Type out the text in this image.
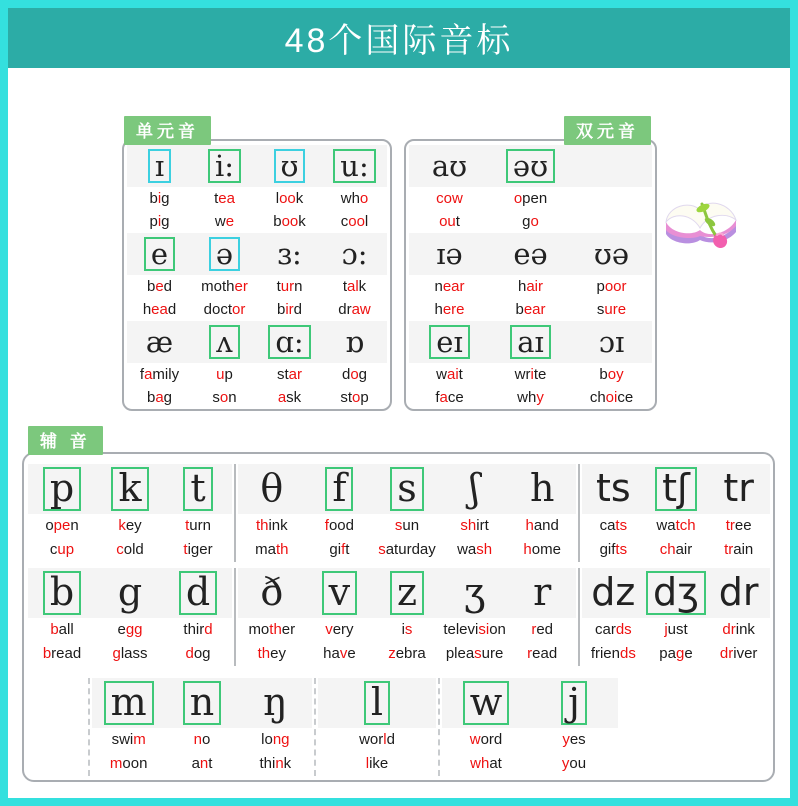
48个国际音标
单元音	双元音
辅 音
ɪ i: ʊ u:
big	tea	look who
pig	we	book cool
e ə ɜ: ɔ:
bed mother turn	talk
head doctor bird draw
æ ʌ ɑ: ɒ
family up	star	dog
bag	son	ask	stop
aʊ əʊ
cow	open
out	go
ɪə eə ʊə
near	hair	poor
here	bear	sure
eɪ aɪ ɔɪ
wait	write	boy
face	why	choice
p k t
open	key	turn
cup	cold	tiger
θ f s ʃ h
think food	sun	shirt hand
math	gift saturday wash home
ts tʃ tr
cats watch tree
gifts chair train
b g d
ball	egg	third
bread glass	dog
ð v z ʒ r
mother very	is television red
they have zebra pleasure read
dz dʒ dr
cards just drink
friends page driver
m n ŋ
swim	no	long
moon	ant	think
l
world
like
w j
word	yes
what	you
